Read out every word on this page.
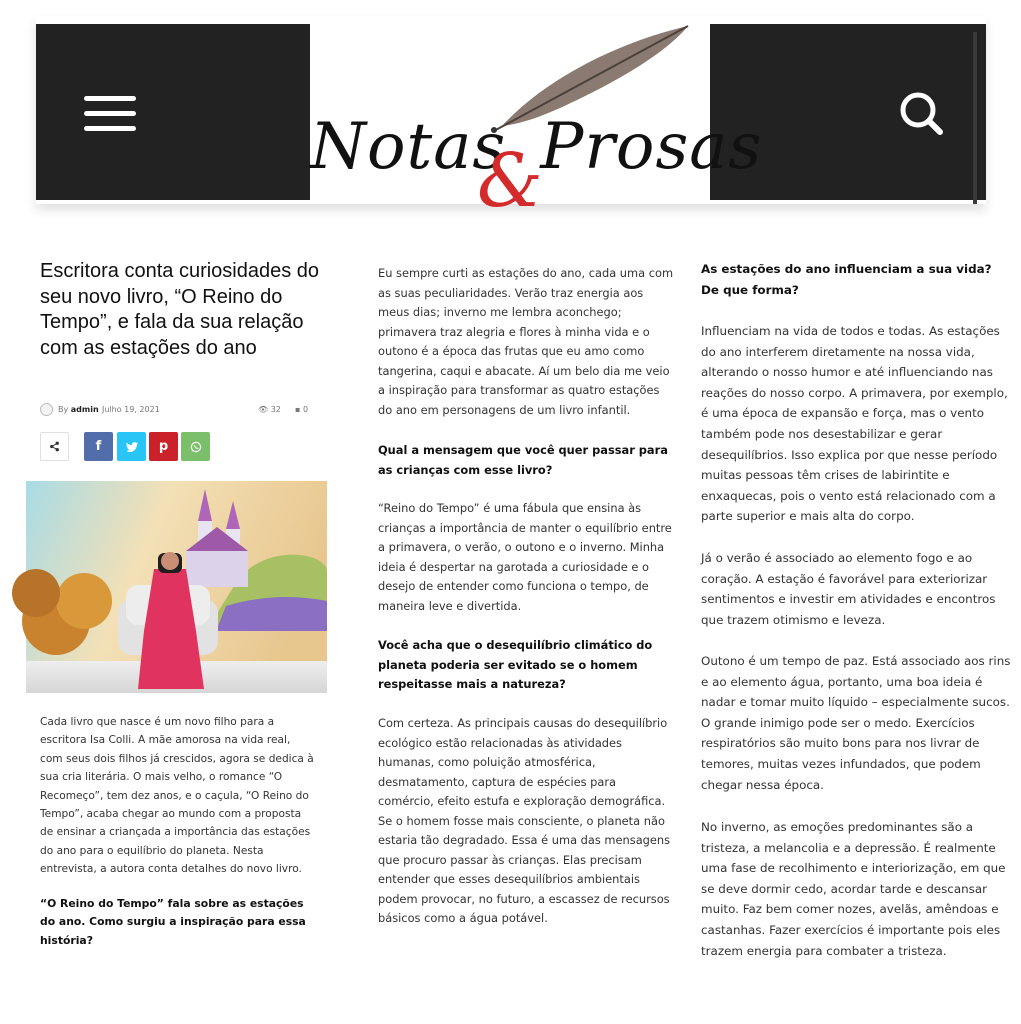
Notas Prosas
&
Escritora conta curiosidades do seu novo livro, “O Reino do Tempo”, e fala da sua relação com as estações do ano
By admin Julho 19, 2021	👁 32 ▪ 0
f	p
Cada livro que nasce é um novo filho para a escritora Isa Colli. A mãe amorosa na vida real, com seus dois filhos já crescidos, agora se dedica à sua cria literária. O mais velho, o romance “O Recomeço”, tem dez anos, e o caçula, “O Reino do Tempo”, acaba chegar ao mundo com a proposta de ensinar a criançada a importância das estações do ano para o equilíbrio do planeta. Nesta entrevista, a autora conta detalhes do novo livro.
“O Reino do Tempo” fala sobre as estações do ano. Como surgiu a inspiração para essa história?
Eu sempre curti as estações do ano, cada uma com as suas peculiaridades. Verão traz energia aos meus dias; inverno me lembra aconchego; primavera traz alegria e flores à minha vida e o outono é a época das frutas que eu amo como tangerina, caqui e abacate. Aí um belo dia me veio a inspiração para transformar as quatro estações do ano em personagens de um livro infantil.
Qual a mensagem que você quer passar para as crianças com esse livro?
“Reino do Tempo” é uma fábula que ensina às crianças a importância de manter o equilíbrio entre a primavera, o verão, o outono e o inverno. Minha ideia é despertar na garotada a curiosidade e o desejo de entender como funciona o tempo, de maneira leve e divertida.
Você acha que o desequilíbrio climático do planeta poderia ser evitado se o homem respeitasse mais a natureza?
Com certeza. As principais causas do desequilíbrio ecológico estão relacionadas às atividades humanas, como poluição atmosférica, desmatamento, captura de espécies para comércio, efeito estufa e exploração demográfica. Se o homem fosse mais consciente, o planeta não estaria tão degradado. Essa é uma das mensagens que procuro passar às crianças. Elas precisam entender que esses desequilíbrios ambientais podem provocar, no futuro, a escassez de recursos básicos como a água potável.
As estações do ano influenciam a sua vida? De que forma?
Influenciam na vida de todos e todas. As estações do ano interferem diretamente na nossa vida, alterando o nosso humor e até influenciando nas reações do nosso corpo. A primavera, por exemplo, é uma época de expansão e força, mas o vento também pode nos desestabilizar e gerar desequilíbrios. Isso explica por que nesse período muitas pessoas têm crises de labirintite e enxaquecas, pois o vento está relacionado com a parte superior e mais alta do corpo.
Já o verão é associado ao elemento fogo e ao coração. A estação é favorável para exteriorizar sentimentos e investir em atividades e encontros que trazem otimismo e leveza.
Outono é um tempo de paz. Está associado aos rins e ao elemento água, portanto, uma boa ideia é nadar e tomar muito líquido – especialmente sucos. O grande inimigo pode ser o medo. Exercícios respiratórios são muito bons para nos livrar de temores, muitas vezes infundados, que podem chegar nessa época.
No inverno, as emoções predominantes são a tristeza, a melancolia e a depressão. É realmente uma fase de recolhimento e interiorização, em que se deve dormir cedo, acordar tarde e descansar muito. Faz bem comer nozes, avelãs, amêndoas e castanhas. Fazer exercícios é importante pois eles trazem energia para combater a tristeza.
